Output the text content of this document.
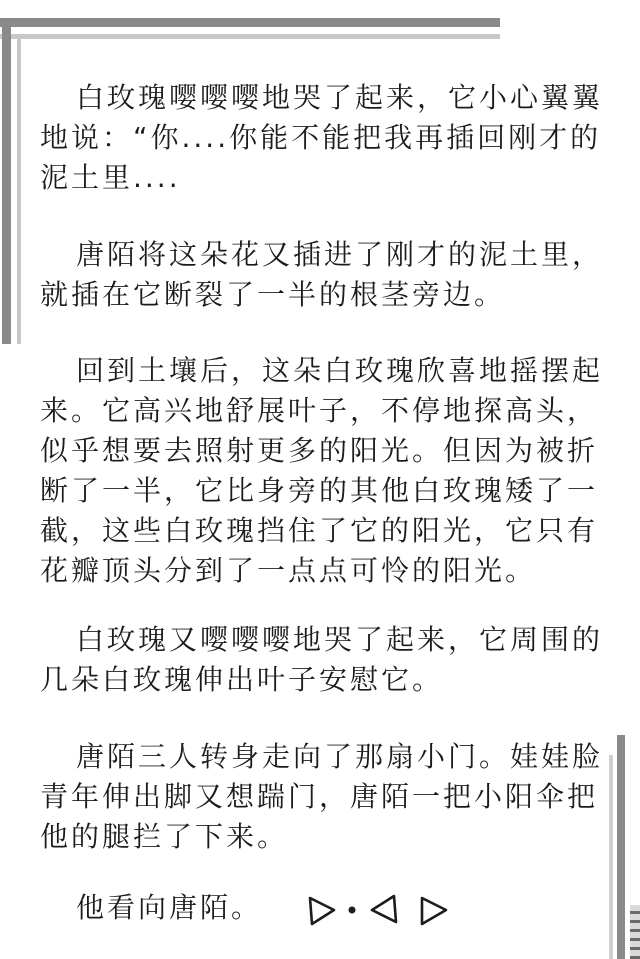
白玫瑰嘤嘤嘤地哭了起来，它小心翼翼地说：“你....你能不能把我再插回刚才的泥土里....

唐陌将这朵花又插进了刚才的泥土里，就插在它断裂了一半的根茎旁边。

回到土壤后，这朵白玫瑰欣喜地摇摆起来。它高兴地舒展叶子，不停地探高头，似乎想要去照射更多的阳光。但因为被折断了一半，它比身旁的其他白玫瑰矮了一截，这些白玫瑰挡住了它的阳光，它只有花瓣顶头分到了一点点可怜的阳光。

白玫瑰又嘤嘤嘤地哭了起来，它周围的几朵白玫瑰伸出叶子安慰它。

唐陌三人转身走向了那扇小门。娃娃脸青年伸出脚又想踹门，唐陌一把小阳伞把他的腿拦了下来。

他看向唐陌。
